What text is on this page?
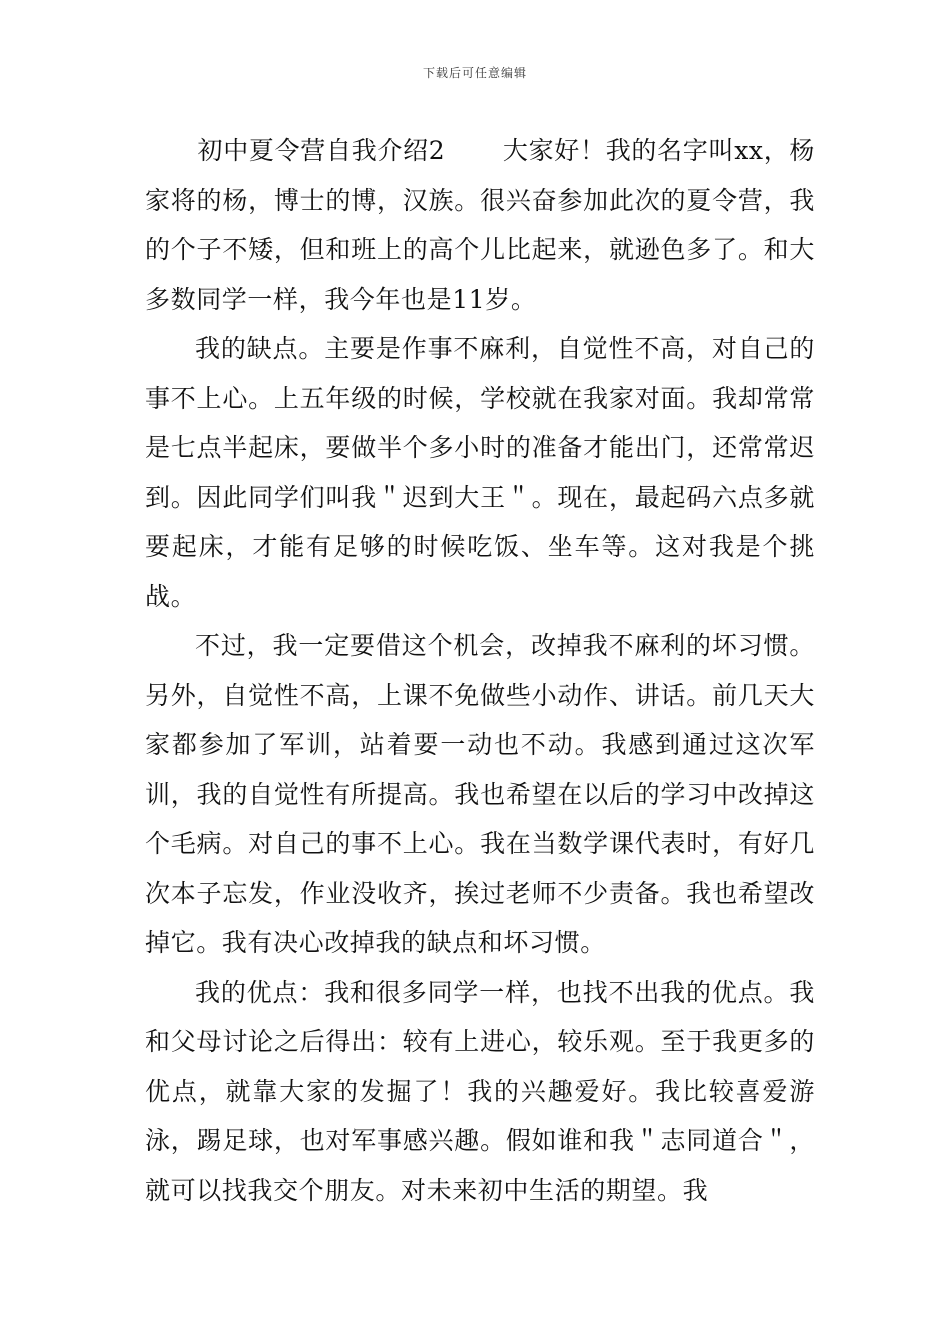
下载后可任意编辑

初中夏令营自我介绍2 大家好！我的名字叫xx，杨家将的杨，博士的博，汉族。很兴奋参加此次的夏令营，我的个子不矮，但和班上的高个儿比起来，就逊色多了。和大多数同学一样，我今年也是11岁。

我的缺点。主要是作事不麻利，自觉性不高，对自己的事不上心。上五年级的时候，学校就在我家对面。我却常常是七点半起床，要做半个多小时的准备才能出门，还常常迟到。因此同学们叫我＂迟到大王＂。现在，最起码六点多就要起床，才能有足够的时候吃饭、坐车等。这对我是个挑战。

不过，我一定要借这个机会，改掉我不麻利的坏习惯。另外，自觉性不高，上课不免做些小动作、讲话。前几天大家都参加了军训，站着要一动也不动。我感到通过这次军训，我的自觉性有所提高。我也希望在以后的学习中改掉这个毛病。对自己的事不上心。我在当数学课代表时，有好几次本子忘发，作业没收齐，挨过老师不少责备。我也希望改掉它。我有决心改掉我的缺点和坏习惯。

我的优点：我和很多同学一样，也找不出我的优点。我和父母讨论之后得出：较有上进心，较乐观。至于我更多的优点，就靠大家的发掘了！我的兴趣爱好。我比较喜爱游泳，踢足球，也对军事感兴趣。假如谁和我＂志同道合＂，就可以找我交个朋友。对未来初中生活的期望。我
